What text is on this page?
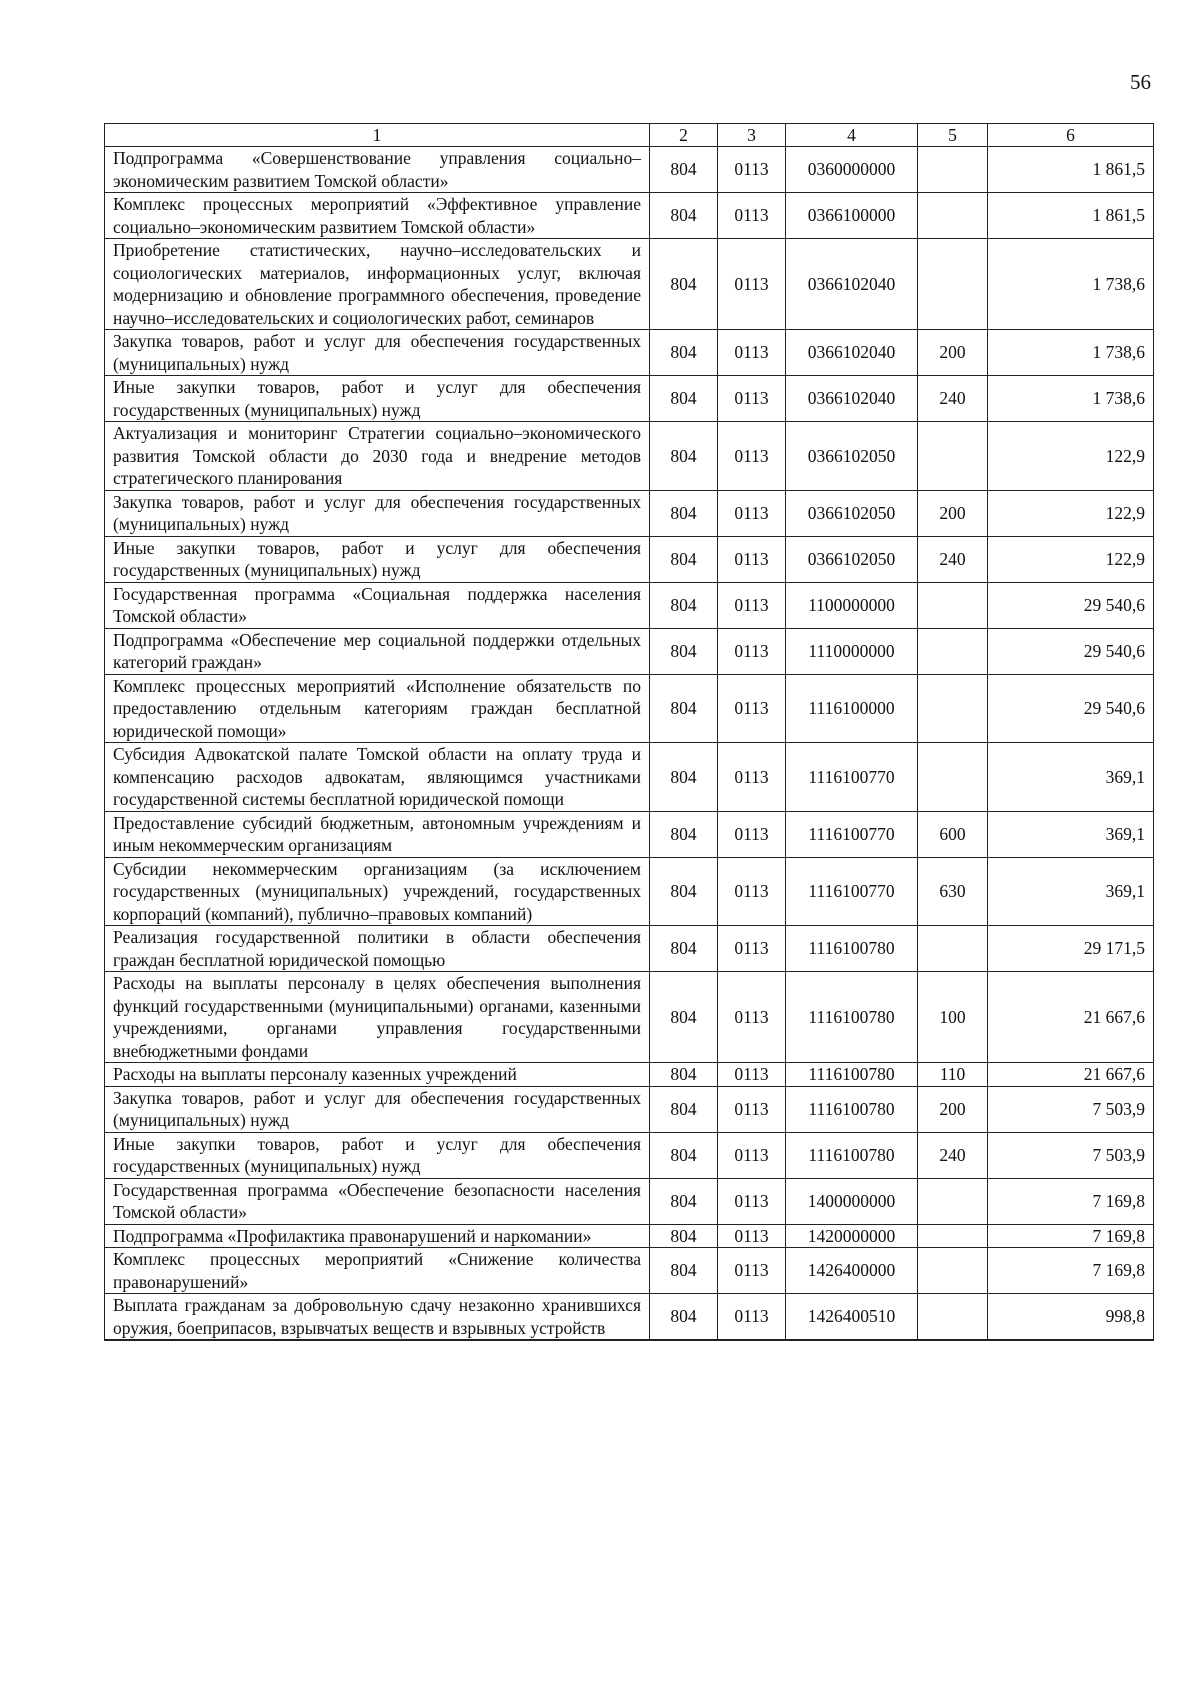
56
1	2	3	4	5	6
Подпрограмма «Совершенствование управления социально–экономическим развитием Томской области»	804	0113	0360000000		1 861,5
Комплекс процессных мероприятий «Эффективное управление социально–экономическим развитием Томской области»	804	0113	0366100000		1 861,5
Приобретение статистических, научно–исследовательских и социологических материалов, информационных услуг, включая модернизацию и обновление программного обеспечения, проведение научно–исследовательских и социологических работ, семинаров	804	0113	0366102040		1 738,6
Закупка товаров, работ и услуг для обеспечения государственных (муниципальных) нужд	804	0113	0366102040	200	1 738,6
Иные закупки товаров, работ и услуг для обеспечения государственных (муниципальных) нужд	804	0113	0366102040	240	1 738,6
Актуализация и мониторинг Стратегии социально–экономического развития Томской области до 2030 года и внедрение методов стратегического планирования	804	0113	0366102050		122,9
Закупка товаров, работ и услуг для обеспечения государственных (муниципальных) нужд	804	0113	0366102050	200	122,9
Иные закупки товаров, работ и услуг для обеспечения государственных (муниципальных) нужд	804	0113	0366102050	240	122,9
Государственная программа «Социальная поддержка населения Томской области»	804	0113	1100000000		29 540,6
Подпрограмма «Обеспечение мер социальной поддержки отдельных категорий граждан»	804	0113	1110000000		29 540,6
Комплекс процессных мероприятий «Исполнение обязательств по предоставлению отдельным категориям граждан бесплатной юридической помощи»	804	0113	1116100000		29 540,6
Субсидия Адвокатской палате Томской области на оплату труда и компенсацию расходов адвокатам, являющимся участниками государственной системы бесплатной юридической помощи	804	0113	1116100770		369,1
Предоставление субсидий бюджетным, автономным учреждениям и иным некоммерческим организациям	804	0113	1116100770	600	369,1
Субсидии некоммерческим организациям (за исключением государственных (муниципальных) учреждений, государственных корпораций (компаний), публично–правовых компаний)	804	0113	1116100770	630	369,1
Реализация государственной политики в области обеспечения граждан бесплатной юридической помощью	804	0113	1116100780		29 171,5
Расходы на выплаты персоналу в целях обеспечения выполнения функций государственными (муниципальными) органами, казенными учреждениями, органами управления государственными внебюджетными фондами	804	0113	1116100780	100	21 667,6
Расходы на выплаты персоналу казенных учреждений	804	0113	1116100780	110	21 667,6
Закупка товаров, работ и услуг для обеспечения государственных (муниципальных) нужд	804	0113	1116100780	200	7 503,9
Иные закупки товаров, работ и услуг для обеспечения государственных (муниципальных) нужд	804	0113	1116100780	240	7 503,9
Государственная программа «Обеспечение безопасности населения Томской области»	804	0113	1400000000		7 169,8
Подпрограмма «Профилактика правонарушений и наркомании»	804	0113	1420000000		7 169,8
Комплекс процессных мероприятий «Снижение количества правонарушений»	804	0113	1426400000		7 169,8
Выплата гражданам за добровольную сдачу незаконно хранившихся оружия, боеприпасов, взрывчатых веществ и взрывных устройств	804	0113	1426400510		998,8
